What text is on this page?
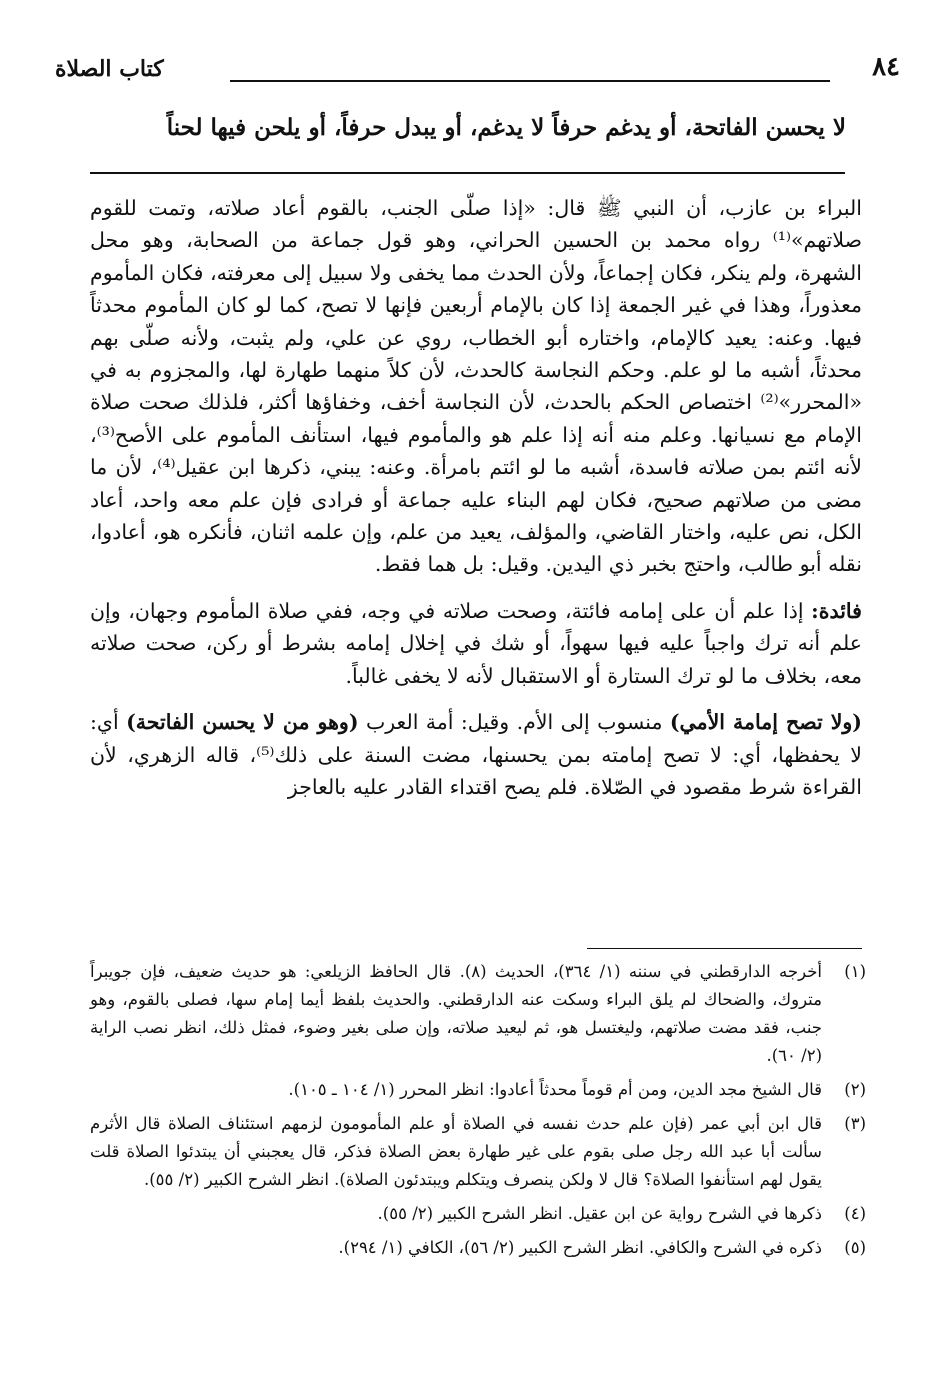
٨٤
كتاب الصلاة
لا يحسن الفاتحة، أو يدغم حرفاً لا يدغم، أو يبدل حرفاً، أو يلحن فيها لحناً

البراء بن عازب، أن النبي ﷺ قال: «إذا صلّى الجنب، بالقوم أعاد صلاته، وتمت للقوم صلاتهم»⁽¹⁾ رواه محمد بن الحسين الحراني، وهو قول جماعة من الصحابة، وهو محل الشهرة، ولم ينكر، فكان إجماعاً، ولأن الحدث مما يخفى ولا سبيل إلى معرفته، فكان المأموم معذوراً، وهذا في غير الجمعة إذا كان بالإمام أربعين فإنها لا تصح، كما لو كان المأموم محدثاً فيها. وعنه: يعيد كالإمام، واختاره أبو الخطاب، روي عن علي، ولم يثبت، ولأنه صلّى بهم محدثاً، أشبه ما لو علم. وحكم النجاسة كالحدث، لأن كلاً منهما طهارة لها، والمجزوم به في «المحرر»⁽²⁾ اختصاص الحكم بالحدث، لأن النجاسة أخف، وخفاؤها أكثر، فلذلك صحت صلاة الإمام مع نسيانها. وعلم منه أنه إذا علم هو والمأموم فيها، استأنف المأموم على الأصح⁽³⁾، لأنه ائتم بمن صلاته فاسدة، أشبه ما لو ائتم بامرأة. وعنه: يبني، ذكرها ابن عقيل⁽⁴⁾، لأن ما مضى من صلاتهم صحيح، فكان لهم البناء عليه جماعة أو فرادى فإن علم معه واحد، أعاد الكل، نص عليه، واختار القاضي، والمؤلف، يعيد من علم، وإن علمه اثنان، فأنكره هو، أعادوا، نقله أبو طالب، واحتج بخبر ذي اليدين. وقيل: بل هما فقط.

فائدة: إذا علم أن على إمامه فائتة، وصحت صلاته في وجه، ففي صلاة المأموم وجهان، وإن علم أنه ترك واجباً عليه فيها سهواً، أو شك في إخلال إمامه بشرط أو ركن، صحت صلاته معه، بخلاف ما لو ترك الستارة أو الاستقبال لأنه لا يخفى غالباً.

(ولا تصح إمامة الأمي) منسوب إلى الأم. وقيل: أمة العرب (وهو من لا يحسن الفاتحة) أي: لا يحفظها، أي: لا تصح إمامته بمن يحسنها، مضت السنة على ذلك⁽⁵⁾، قاله الزهري، لأن القراءة شرط مقصود في الصّلاة. فلم يصح اقتداء القادر عليه بالعاجز

(١)
أخرجه الدارقطني في سننه (١/ ٣٦٤)، الحديث (٨). قال الحافظ الزيلعي: هو حديث ضعيف، فإن جويبراً متروك، والضحاك لم يلق البراء وسكت عنه الدارقطني. والحديث بلفظ أيما إمام سها، فصلى بالقوم، وهو جنب، فقد مضت صلاتهم، وليغتسل هو، ثم ليعيد صلاته، وإن صلى بغير وضوء، فمثل ذلك، انظر نصب الراية (٢/ ٦٠).
(٢)
قال الشيخ مجد الدين، ومن أم قوماً محدثاً أعادوا: انظر المحرر (١/ ١٠٤ ـ ١٠٥).
(٣)
قال ابن أبي عمر (فإن علم حدث نفسه في الصلاة أو علم المأمومون لزمهم استئناف الصلاة قال الأثرم سألت أبا عبد الله رجل صلى بقوم على غير طهارة بعض الصلاة فذكر، قال يعجبني أن يبتدئوا الصلاة قلت يقول لهم استأنفوا الصلاة؟ قال لا ولكن ينصرف ويتكلم ويبتدئون الصلاة). انظر الشرح الكبير (٢/ ٥٥).
(٤)
ذكرها في الشرح رواية عن ابن عقيل. انظر الشرح الكبير (٢/ ٥٥).
(٥)
ذكره في الشرح والكافي. انظر الشرح الكبير (٢/ ٥٦)، الكافي (١/ ٢٩٤).
